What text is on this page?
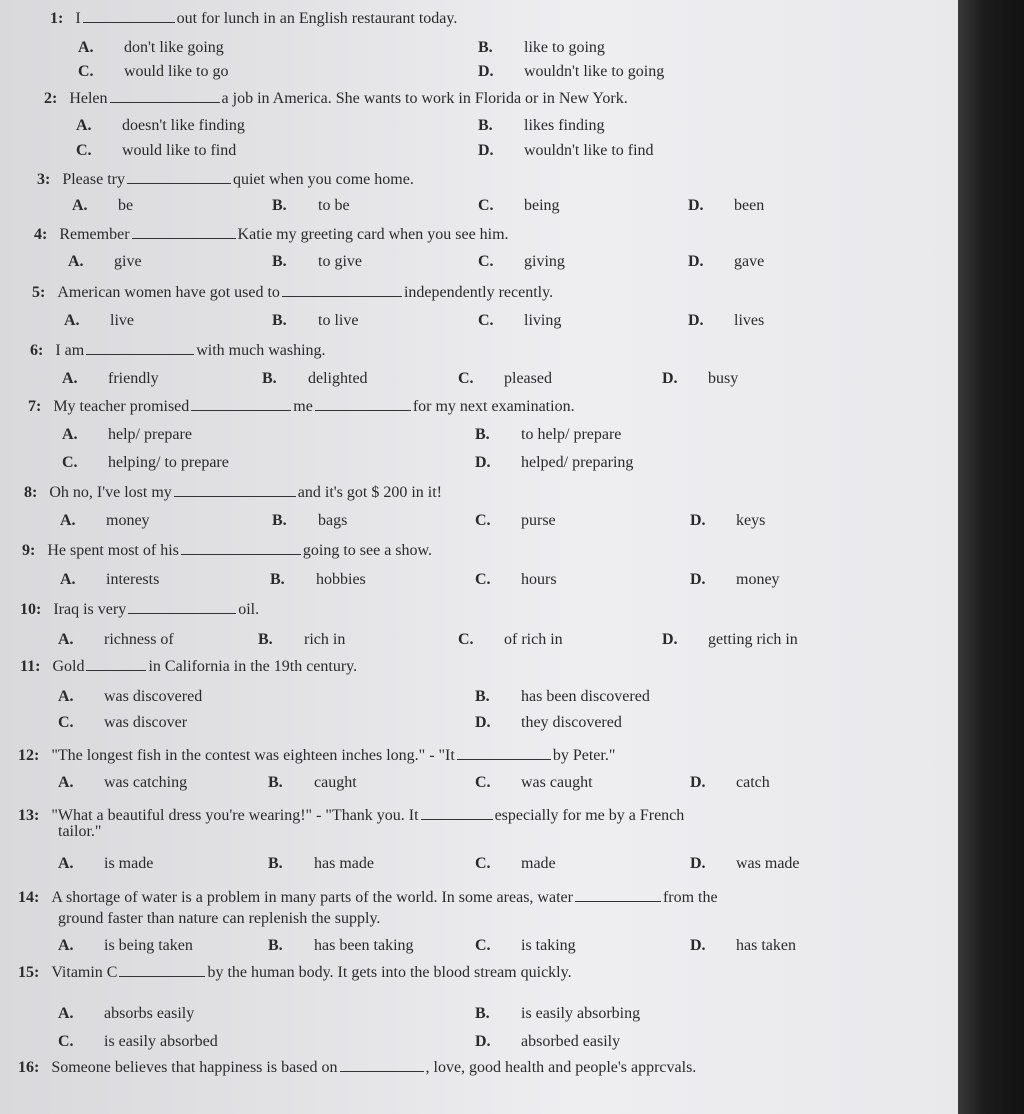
1: I	out for lunch in an English restaurant today.
A. don't like going	B. like to going
C. would like to go	D. wouldn't like to going
2: Helen	a job in America. She wants to work in Florida or in New York.
A. doesn't like finding	B. likes finding
C. would like to find	D. wouldn't like to find
3: Please try	quiet when you come home.
A. be	B. to be	C. being	D. been
4: Remember	Katie my greeting card when you see him.
A. give	B. to give	C. giving	D. gave
5: American women have got used to	independently recently.
A. live	B. to live	C. living	D. lives
6: I am	with much washing.
A. friendly	B. delighted	C. pleased	D. busy
7: My teacher promised	me	for my next examination.
A. help/ prepare	B. to help/ prepare
C. helping/ to prepare	D. helped/ preparing
8: Oh no, I've lost my	and it's got $ 200 in it!
A. money	B. bags	C. purse	D. keys
9: He spent most of his	going to see a show.
A. interests	B. hobbies	C. hours	D. money
10: Iraq is very	oil.
A. richness of	B. rich in	C. of rich in	D. getting rich in
11: Gold	in California in the 19th century.
A. was discovered	B. has been discovered
C. was discover	D. they discovered
12: "The longest fish in the contest was eighteen inches long." - "It	by Peter."
A. was catching	B. caught	C. was caught	D. catch
13: "What a beautiful dress you're wearing!" - "Thank you. It	especially for me by a French
tailor."
A. is made	B. has made	C. made	D. was made
14: A shortage of water is a problem in many parts of the world. In some areas, water	from the
ground faster than nature can replenish the supply.
A. is being taken	B. has been taking	C. is taking	D. has taken
15: Vitamin C	by the human body. It gets into the blood stream quickly.
A. absorbs easily	B. is easily absorbing
C. is easily absorbed	D. absorbed easily
16: Someone believes that happiness is based on	, love, good health and people's apprcvals.
